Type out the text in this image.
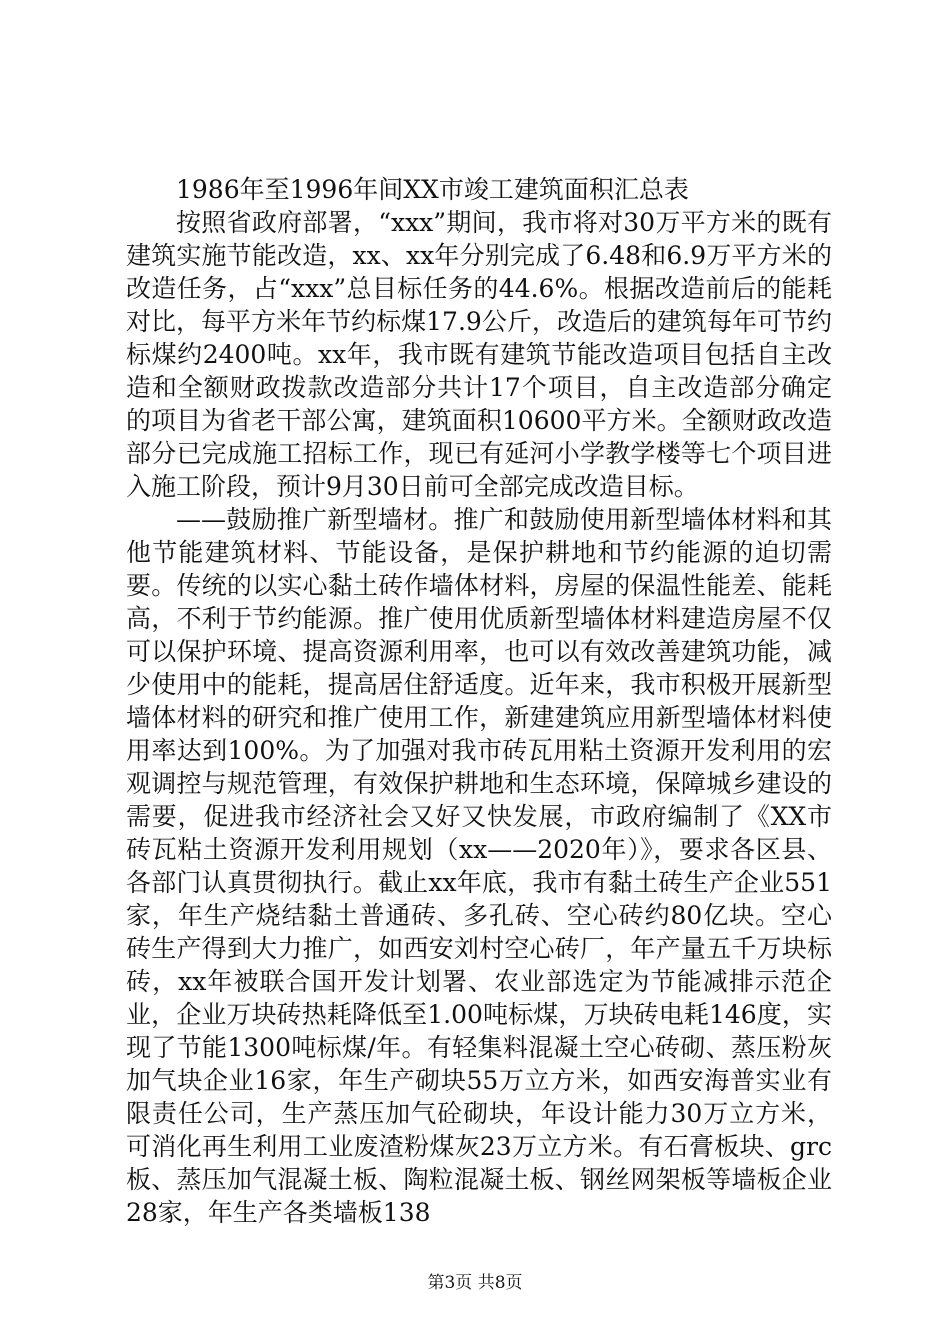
1986年至1996年间XX市竣工建筑面积汇总表

按照省政府部署，“xxx”期间，我市将对30万平方米的既有建筑实施节能改造，xx、xx年分别完成了6.48和6.9万平方米的改造任务，占“xxx”总目标任务的44.6%。根据改造前后的能耗对比，每平方米年节约标煤17.9公斤，改造后的建筑每年可节约标煤约2400吨。xx年，我市既有建筑节能改造项目包括自主改造和全额财政拨款改造部分共计17个项目，自主改造部分确定的项目为省老干部公寓，建筑面积10600平方米。全额财政改造部分已完成施工招标工作，现已有延河小学教学楼等七个项目进入施工阶段，预计9月30日前可全部完成改造目标。

——鼓励推广新型墙材。推广和鼓励使用新型墙体材料和其他节能建筑材料、节能设备，是保护耕地和节约能源的迫切需要。传统的以实心黏土砖作墙体材料，房屋的保温性能差、能耗高，不利于节约能源。推广使用优质新型墙体材料建造房屋不仅可以保护环境、提高资源利用率，也可以有效改善建筑功能，减少使用中的能耗，提高居住舒适度。近年来，我市积极开展新型墙体材料的研究和推广使用工作，新建建筑应用新型墙体材料使用率达到100%。为了加强对我市砖瓦用粘土资源开发利用的宏观调控与规范管理，有效保护耕地和生态环境，保障城乡建设的需要，促进我市经济社会又好又快发展，市政府编制了《XX市砖瓦粘土资源开发利用规划（xx——2020年）》，要求各区县、各部门认真贯彻执行。截止xx年底，我市有黏土砖生产企业551家，年生产烧结黏土普通砖、多孔砖、空心砖约80亿块。空心砖生产得到大力推广，如西安刘村空心砖厂，年产量五千万块标砖，xx年被联合国开发计划署、农业部选定为节能减排示范企业，企业万块砖热耗降低至1.00吨标煤，万块砖电耗146度，实现了节能1300吨标煤/年。有轻集料混凝土空心砖砌、蒸压粉灰加气块企业16家，年生产砌块55万立方米，如西安海普实业有限责任公司，生产蒸压加气砼砌块，年设计能力30万立方米，可消化再生利用工业废渣粉煤灰23万立方米。有石膏板块、grc板、蒸压加气混凝土板、陶粒混凝土板、钢丝网架板等墙板企业28家，年生产各类墙板138

第3页 共8页
